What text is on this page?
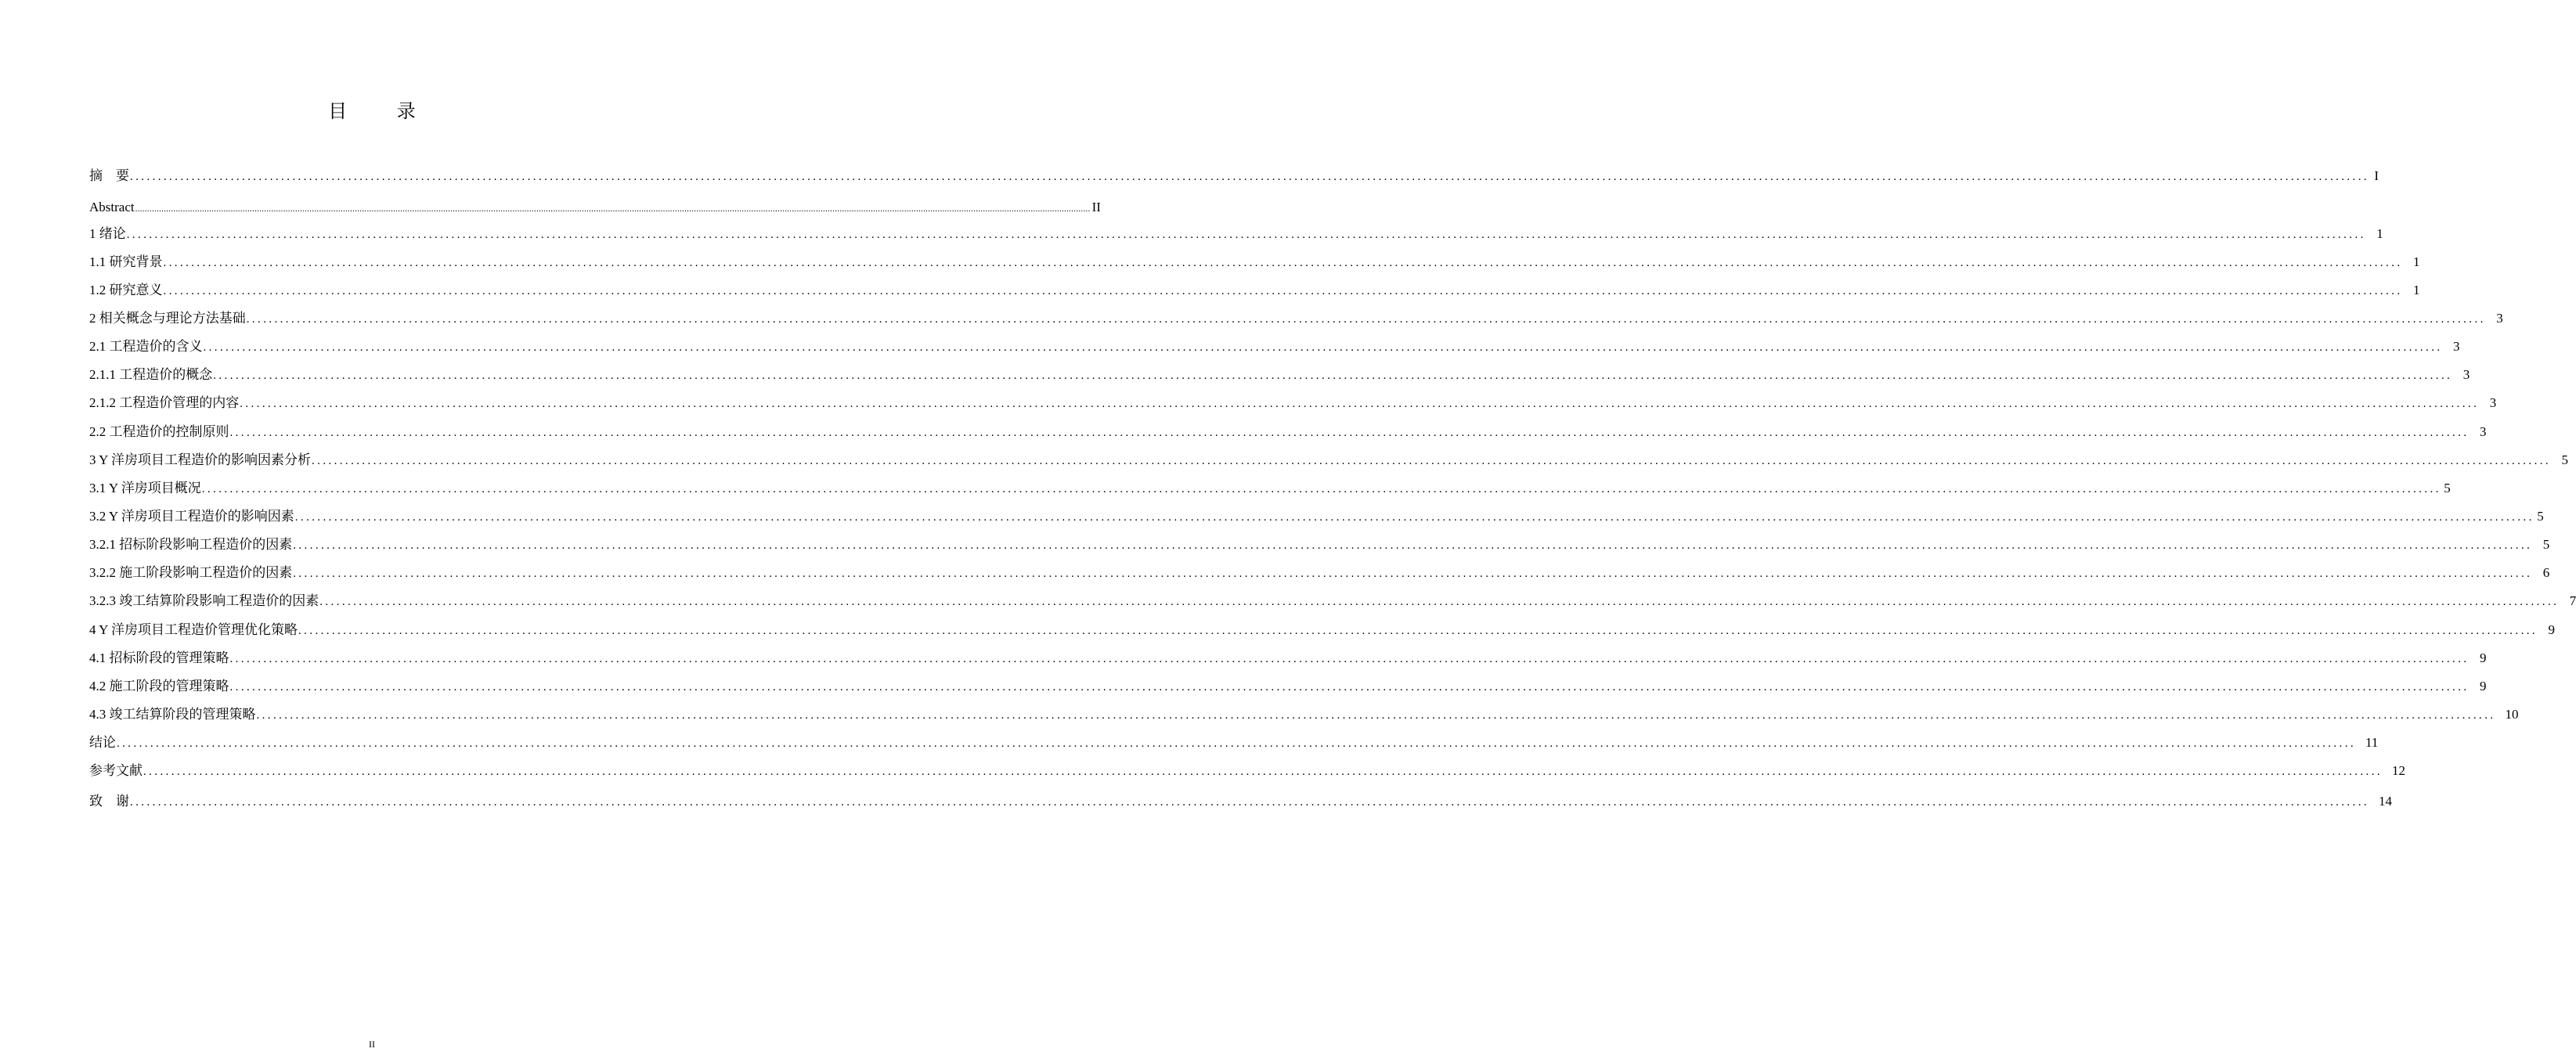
目 录
摘　要 ................................................................................................................................................................................................................................................................................................................................................................................................................ I
Abstract ................................................................................................................................................................................................................................................................................................................................................................................................................ II
1 绪论 ................................................................................................................................................................................................................................................................................................................................................................................................................ 1
1.1 研究背景 ................................................................................................................................................................................................................................................................................................................................................................................................................ 1
1.2 研究意义 ................................................................................................................................................................................................................................................................................................................................................................................................................ 1
2 相关概念与理论方法基础 ................................................................................................................................................................................................................................................................................................................................................................................................................ 3
2.1 工程造价的含义 ................................................................................................................................................................................................................................................................................................................................................................................................................ 3
2.1.1 工程造价的概念 ................................................................................................................................................................................................................................................................................................................................................................................................................ 3
2.1.2 工程造价管理的内容 ................................................................................................................................................................................................................................................................................................................................................................................................................ 3
2.2 工程造价的控制原则 ................................................................................................................................................................................................................................................................................................................................................................................................................ 3
3 Y 洋房项目工程造价的影响因素分析 ................................................................................................................................................................................................................................................................................................................................................................................................................ 5
3.1 Y 洋房项目概况 ................................................................................................................................................................................................................................................................................................................................................................................................................ 5
3.2 Y 洋房项目工程造价的影响因素 ................................................................................................................................................................................................................................................................................................................................................................................................................ 5
3.2.1 招标阶段影响工程造价的因素 ................................................................................................................................................................................................................................................................................................................................................................................................................ 5
3.2.2 施工阶段影响工程造价的因素 ................................................................................................................................................................................................................................................................................................................................................................................................................ 6
3.2.3 竣工结算阶段影响工程造价的因素 ................................................................................................................................................................................................................................................................................................................................................................................................................ 7
4 Y 洋房项目工程造价管理优化策略 ................................................................................................................................................................................................................................................................................................................................................................................................................ 9
4.1 招标阶段的管理策略 ................................................................................................................................................................................................................................................................................................................................................................................................................ 9
4.2 施工阶段的管理策略 ................................................................................................................................................................................................................................................................................................................................................................................................................ 9
4.3 竣工结算阶段的管理策略 ................................................................................................................................................................................................................................................................................................................................................................................................................ 10
结论 ................................................................................................................................................................................................................................................................................................................................................................................................................ 11
参考文献 ................................................................................................................................................................................................................................................................................................................................................................................................................ 12
致　谢 ................................................................................................................................................................................................................................................................................................................................................................................................................ 14
II
